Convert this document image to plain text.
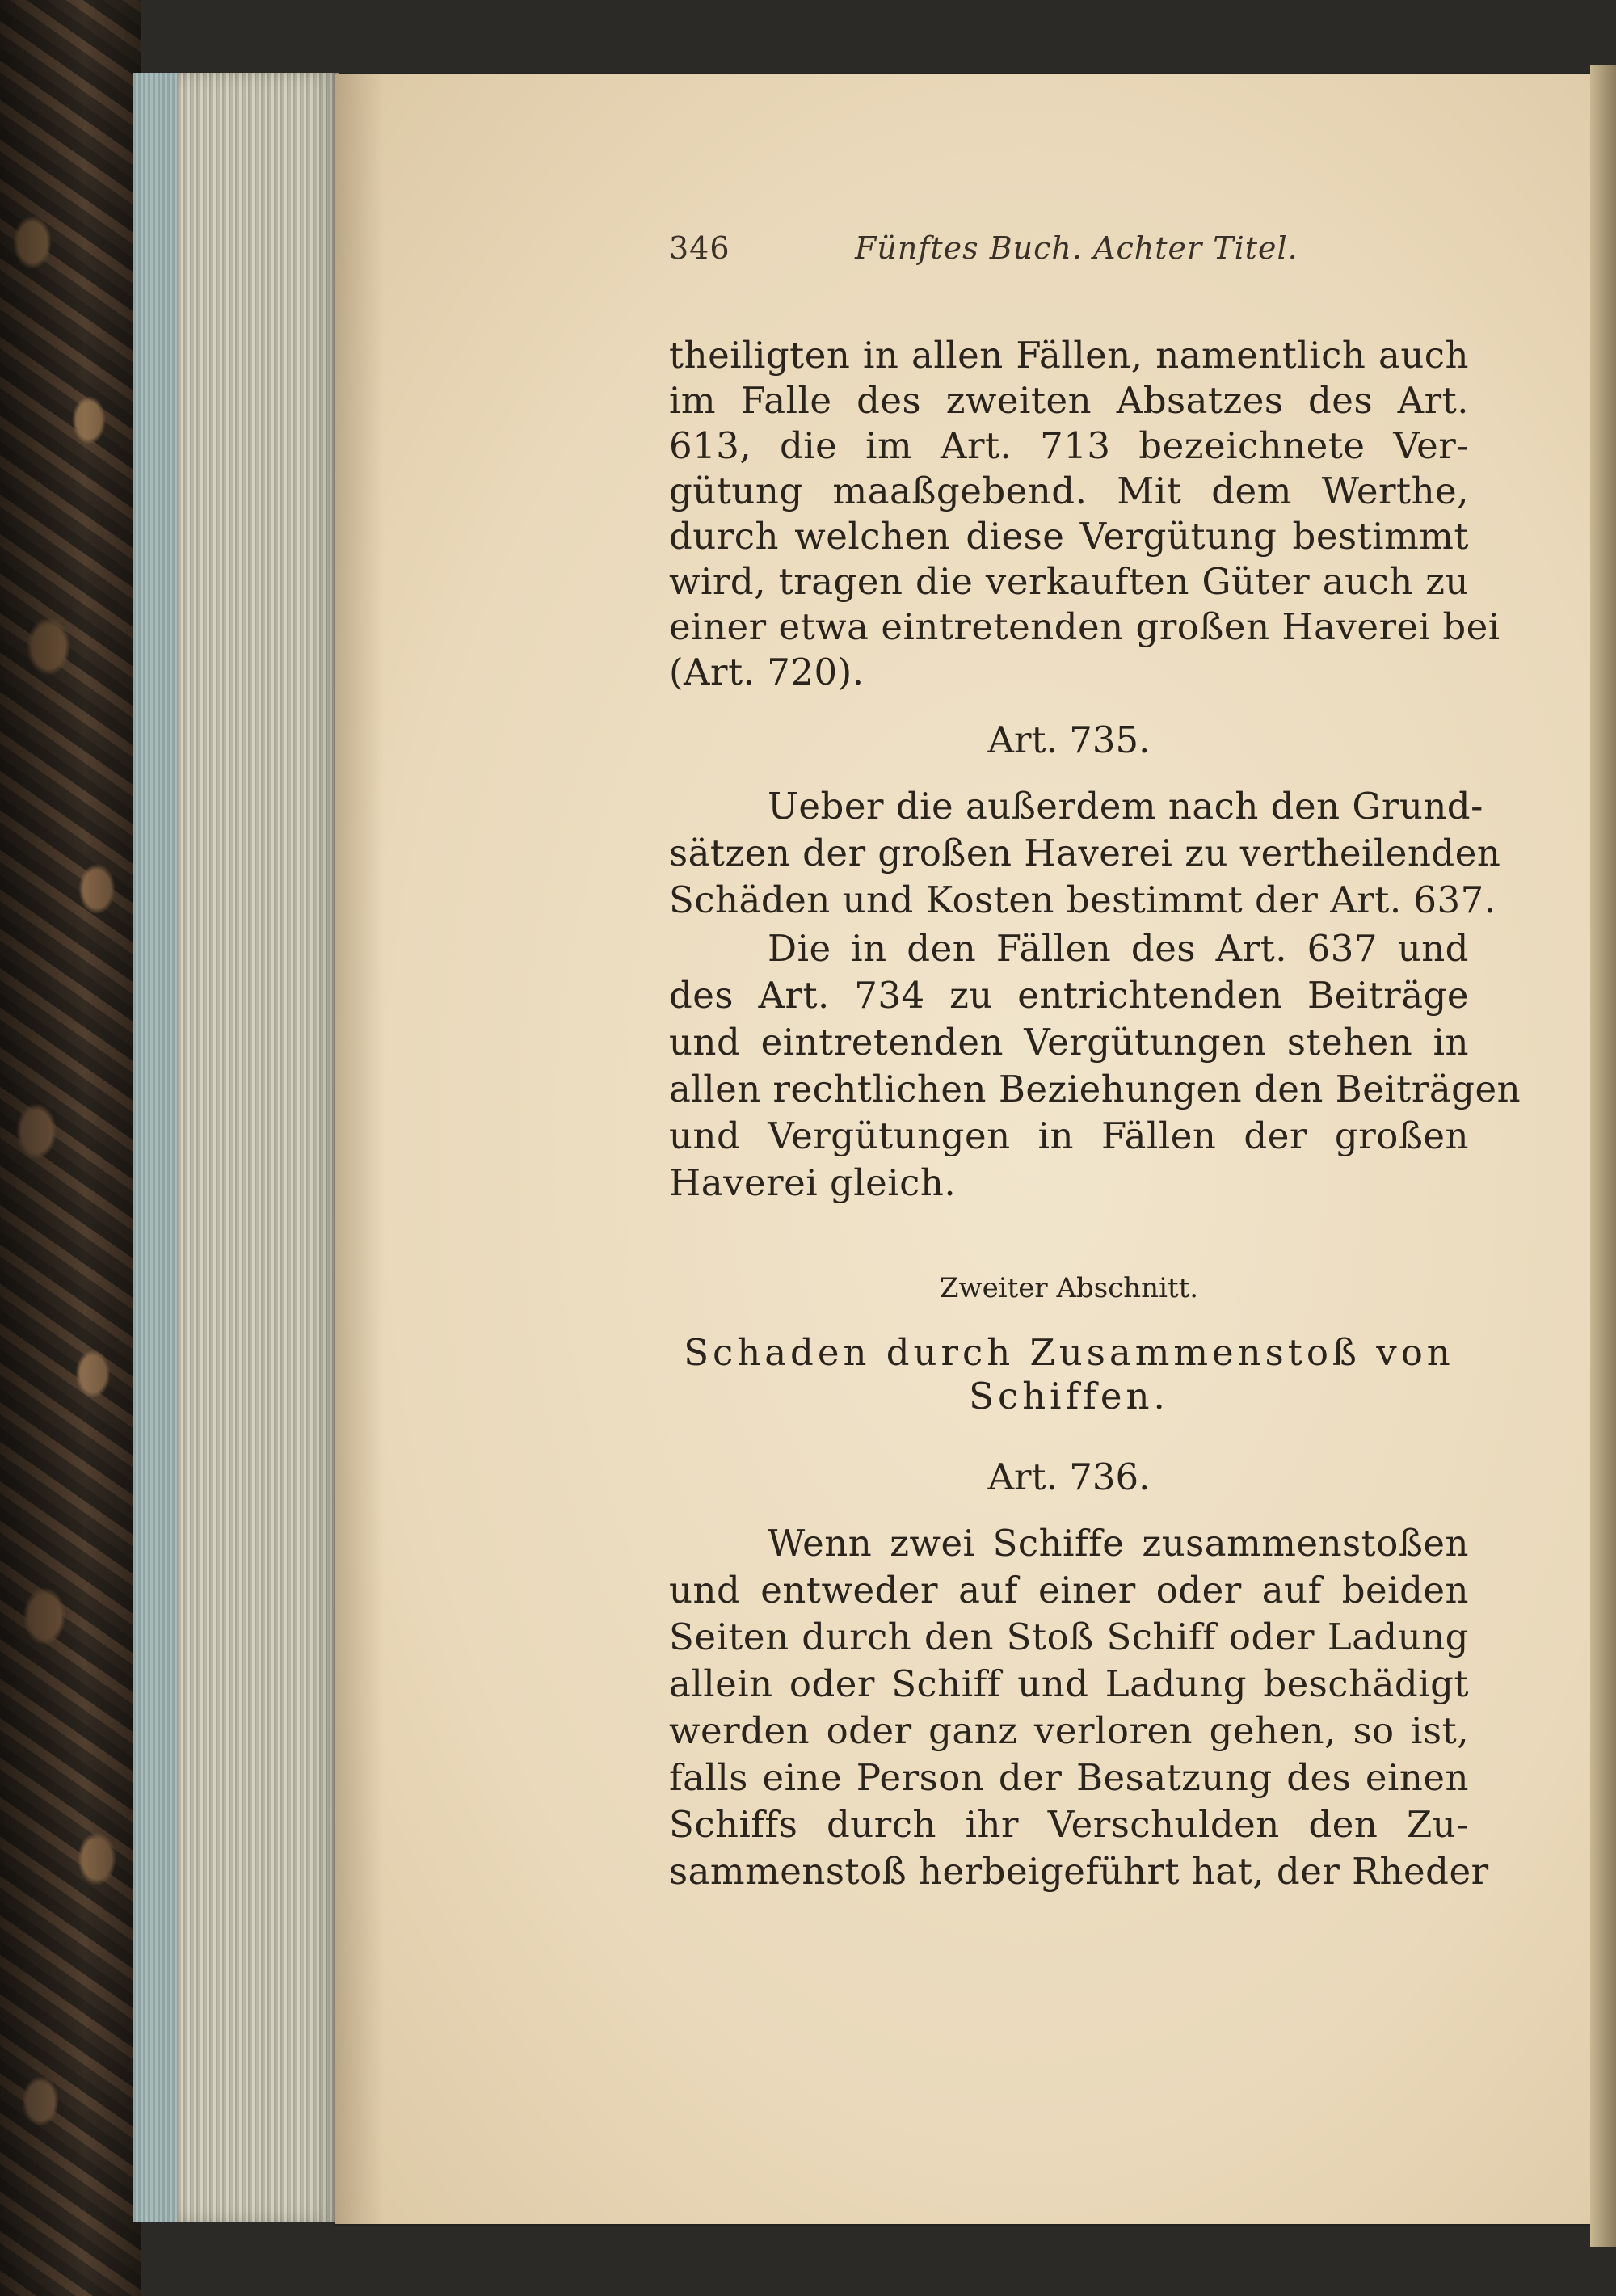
346	Fünftes Buch. Achter Titel.
theiligten in allen Fällen, namentlich auch
im Falle des zweiten Absatzes des Art.
613, die im Art. 713 bezeichnete Ver-
gütung maaßgebend. Mit dem Werthe,
durch welchen diese Vergütung bestimmt
wird, tragen die verkauften Güter auch zu
einer etwa eintretenden großen Haverei bei
(Art. 720).
Art. 735.
Ueber die außerdem nach den Grund-
sätzen der großen Haverei zu vertheilenden
Schäden und Kosten bestimmt der Art. 637.
Die in den Fällen des Art. 637 und
des Art. 734 zu entrichtenden Beiträge
und eintretenden Vergütungen stehen in
allen rechtlichen Beziehungen den Beiträgen
und Vergütungen in Fällen der großen
Haverei gleich.
Zweiter Abschnitt.
Schaden durch Zusammenstoß von
Schiffen.
Art. 736.
Wenn zwei Schiffe zusammenstoßen
und entweder auf einer oder auf beiden
Seiten durch den Stoß Schiff oder Ladung
allein oder Schiff und Ladung beschädigt
werden oder ganz verloren gehen, so ist,
falls eine Person der Besatzung des einen
Schiffs durch ihr Verschulden den Zu-
sammenstoß herbeigeführt hat, der Rheder
